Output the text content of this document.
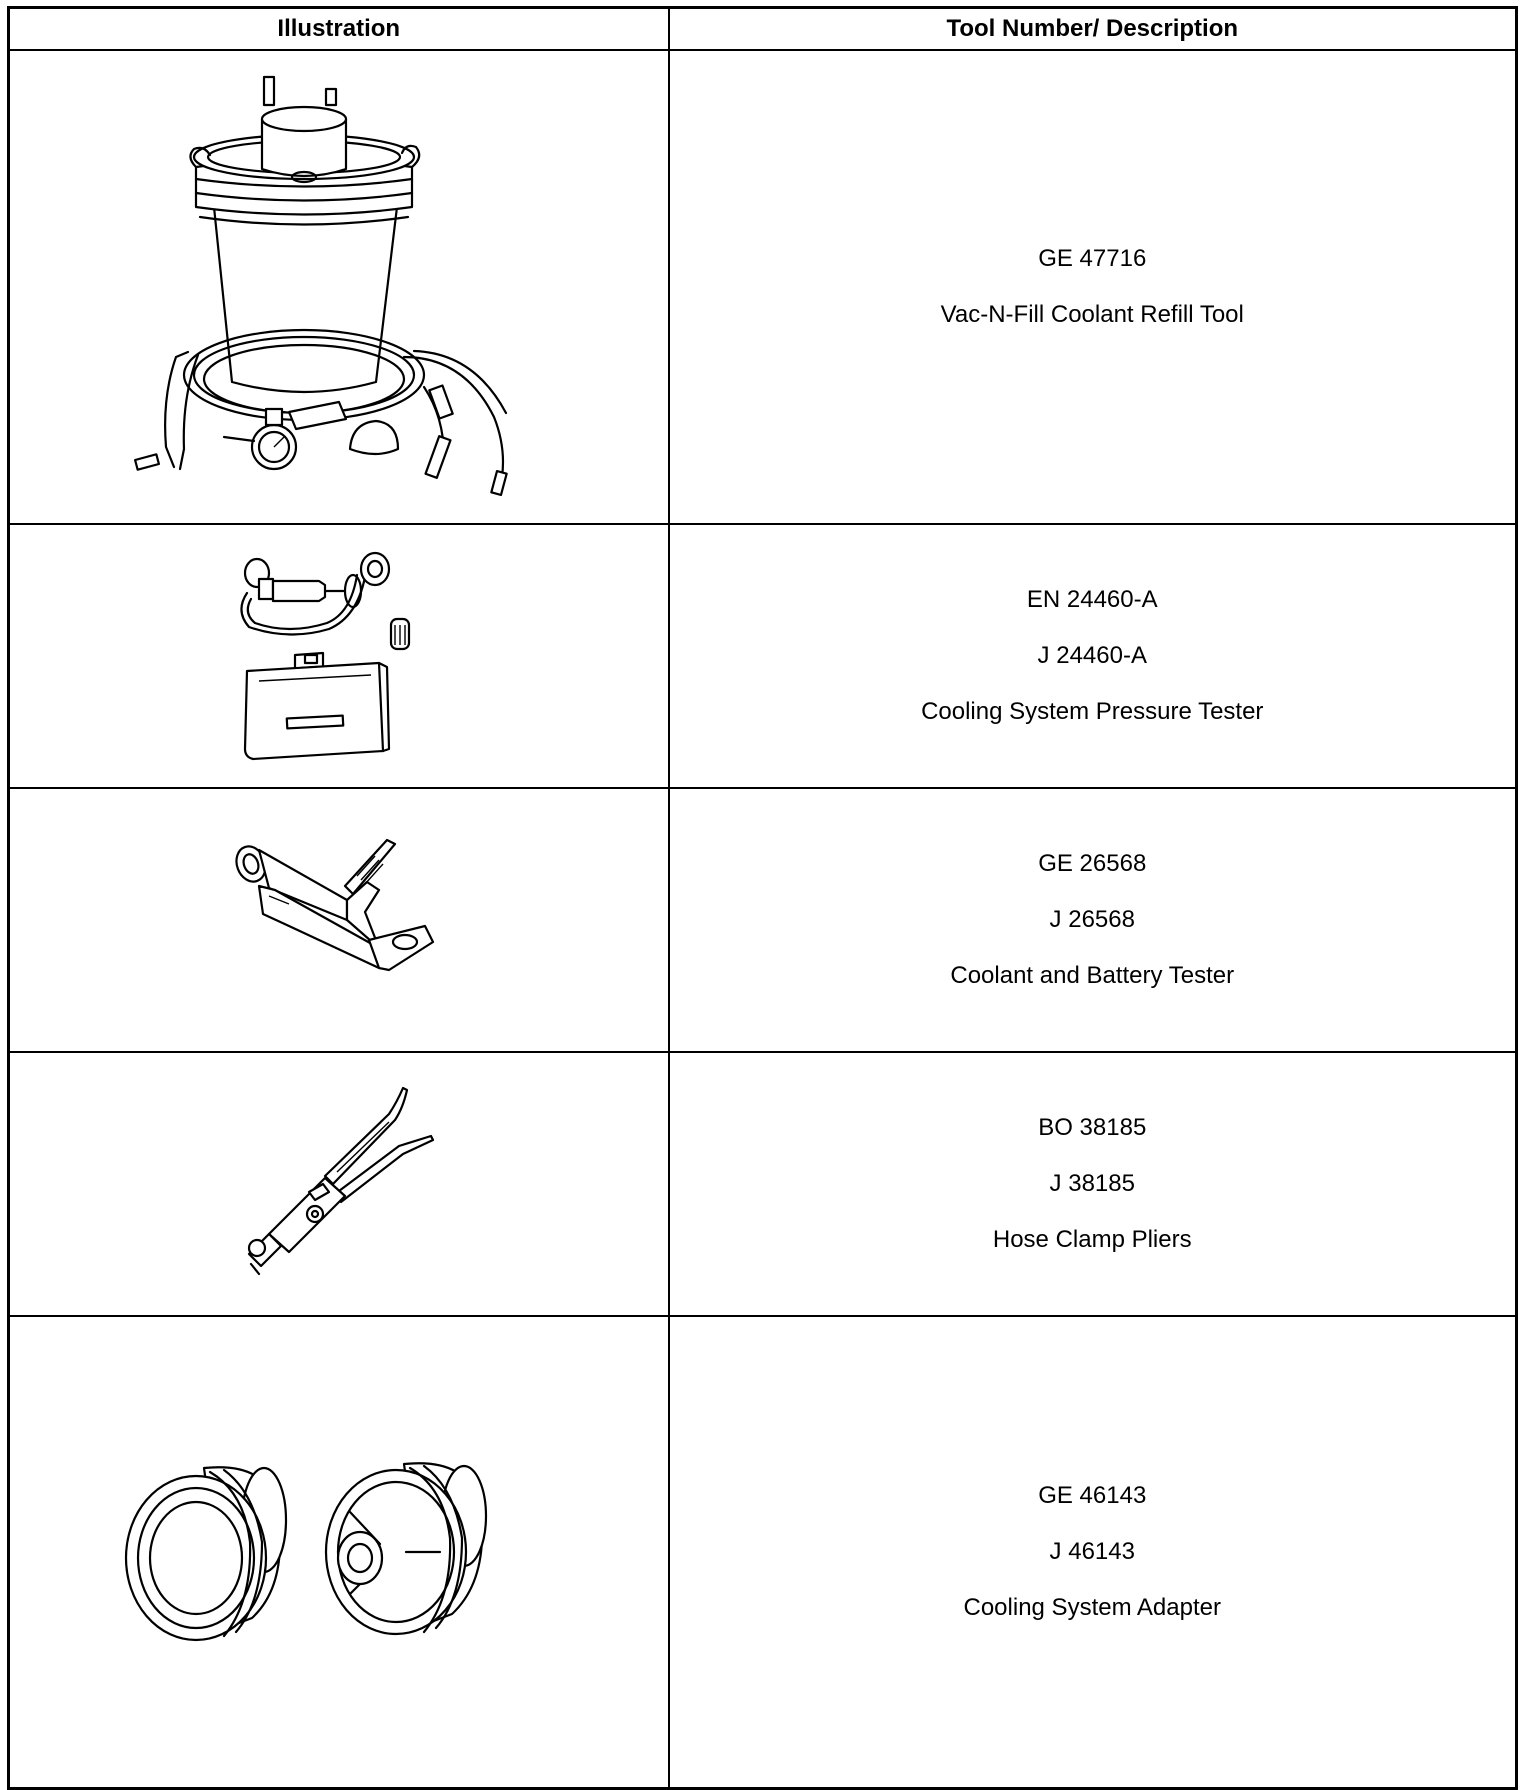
Illustration	Tool Number/ Description

GE 47716
Vac-N-Fill Coolant Refill Tool

EN 24460-A
J 24460-A
Cooling System Pressure Tester

GE 26568
J 26568
Coolant and Battery Tester

BO 38185
J 38185
Hose Clamp Pliers

GE 46143
J 46143
Cooling System Adapter
